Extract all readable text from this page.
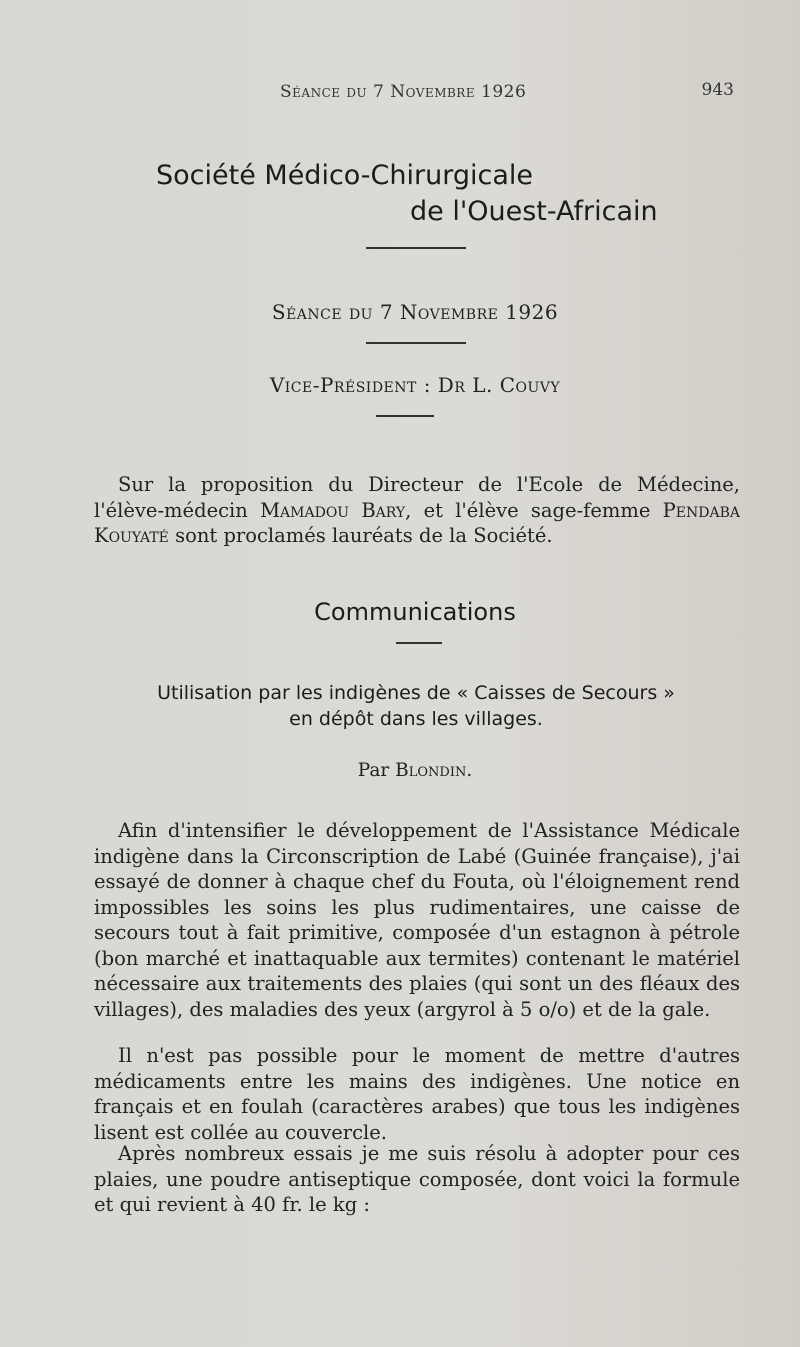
Séance du 7 Novembre 1926	943
Société Médico-Chirurgicale
de l'Ouest-Africain
Séance du 7 Novembre 1926
Vice-Président : Dr L. Couvy
Sur la proposition du Directeur de l'Ecole de Médecine, l'élève-médecin Mamadou Bary, et l'élève sage-femme Pendaba Kouyaté sont proclamés lauréats de la Société.
Communications
Utilisation par les indigènes de « Caisses de Secours »
en dépôt dans les villages.
Par Blondin.
Afin d'intensifier le développement de l'Assistance Médicale indigène dans la Circonscription de Labé (Guinée française), j'ai essayé de donner à chaque chef du Fouta, où l'éloignement rend impossibles les soins les plus rudimentaires, une caisse de secours tout à fait primitive, composée d'un estagnon à pétrole (bon marché et inattaquable aux termites) contenant le matériel nécessaire aux traitements des plaies (qui sont un des fléaux des villages), des maladies des yeux (argyrol à 5 o/o) et de la gale.
Il n'est pas possible pour le moment de mettre d'autres médicaments entre les mains des indigènes. Une notice en français et en foulah (caractères arabes) que tous les indigènes lisent est collée au couvercle.
Après nombreux essais je me suis résolu à adopter pour ces plaies, une poudre antiseptique composée, dont voici la formule et qui revient à 40 fr. le kg :
